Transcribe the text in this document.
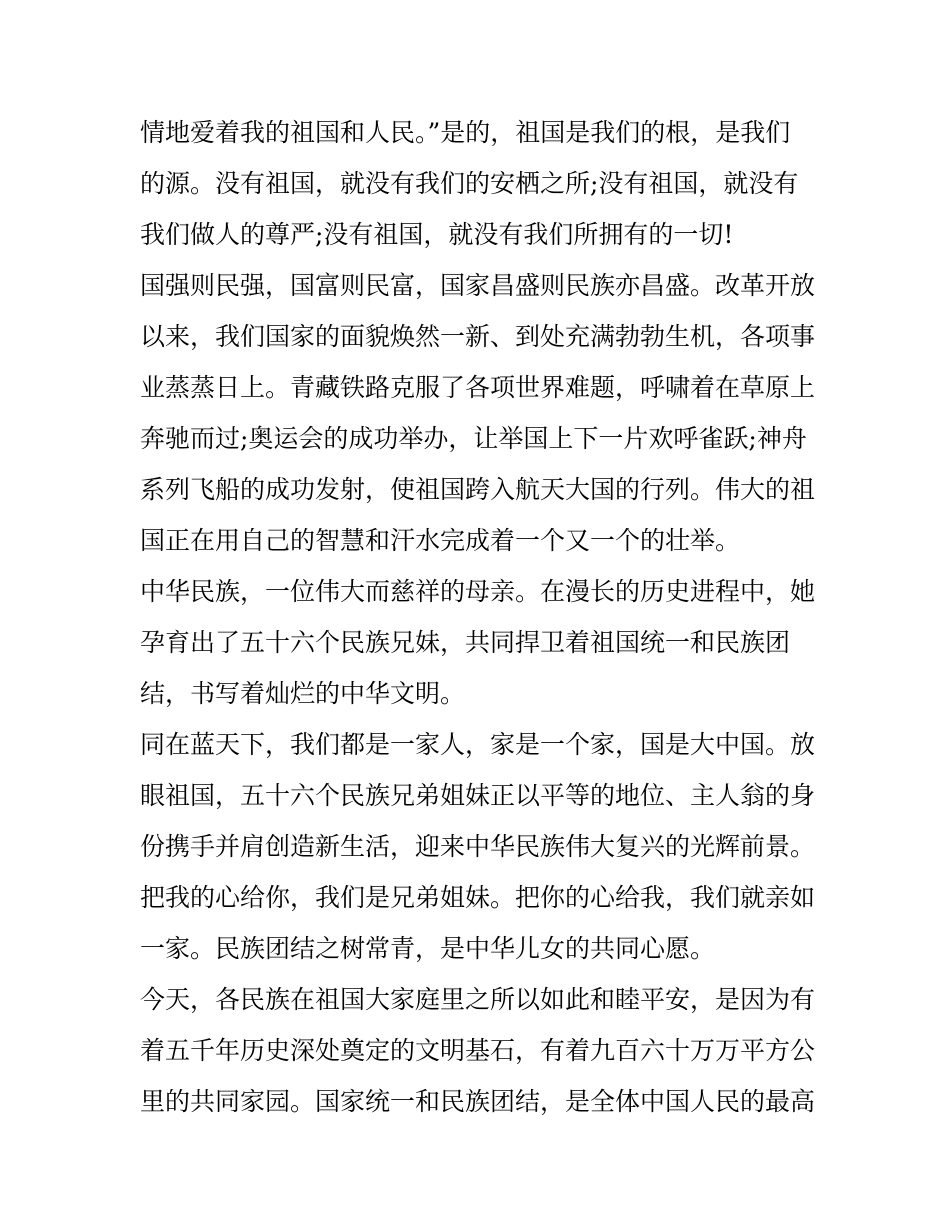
情地爱着我的祖国和人民。”是的，祖国是我们的根，是我们
的源。没有祖国，就没有我们的安栖之所;没有祖国，就没有
我们做人的尊严;没有祖国，就没有我们所拥有的一切!
国强则民强，国富则民富，国家昌盛则民族亦昌盛。改革开放
以来，我们国家的面貌焕然一新、到处充满勃勃生机，各项事
业蒸蒸日上。青藏铁路克服了各项世界难题，呼啸着在草原上
奔驰而过;奥运会的成功举办，让举国上下一片欢呼雀跃;神舟
系列飞船的成功发射，使祖国跨入航天大国的行列。伟大的祖
国正在用自己的智慧和汗水完成着一个又一个的壮举。
中华民族，一位伟大而慈祥的母亲。在漫长的历史进程中，她
孕育出了五十六个民族兄妹，共同捍卫着祖国统一和民族团
结，书写着灿烂的中华文明。
同在蓝天下，我们都是一家人，家是一个家，国是大中国。放
眼祖国，五十六个民族兄弟姐妹正以平等的地位、主人翁的身
份携手并肩创造新生活，迎来中华民族伟大复兴的光辉前景。
把我的心给你，我们是兄弟姐妹。把你的心给我，我们就亲如
一家。民族团结之树常青，是中华儿女的共同心愿。
今天，各民族在祖国大家庭里之所以如此和睦平安，是因为有
着五千年历史深处奠定的文明基石，有着九百六十万万平方公
里的共同家园。国家统一和民族团结，是全体中国人民的最高
